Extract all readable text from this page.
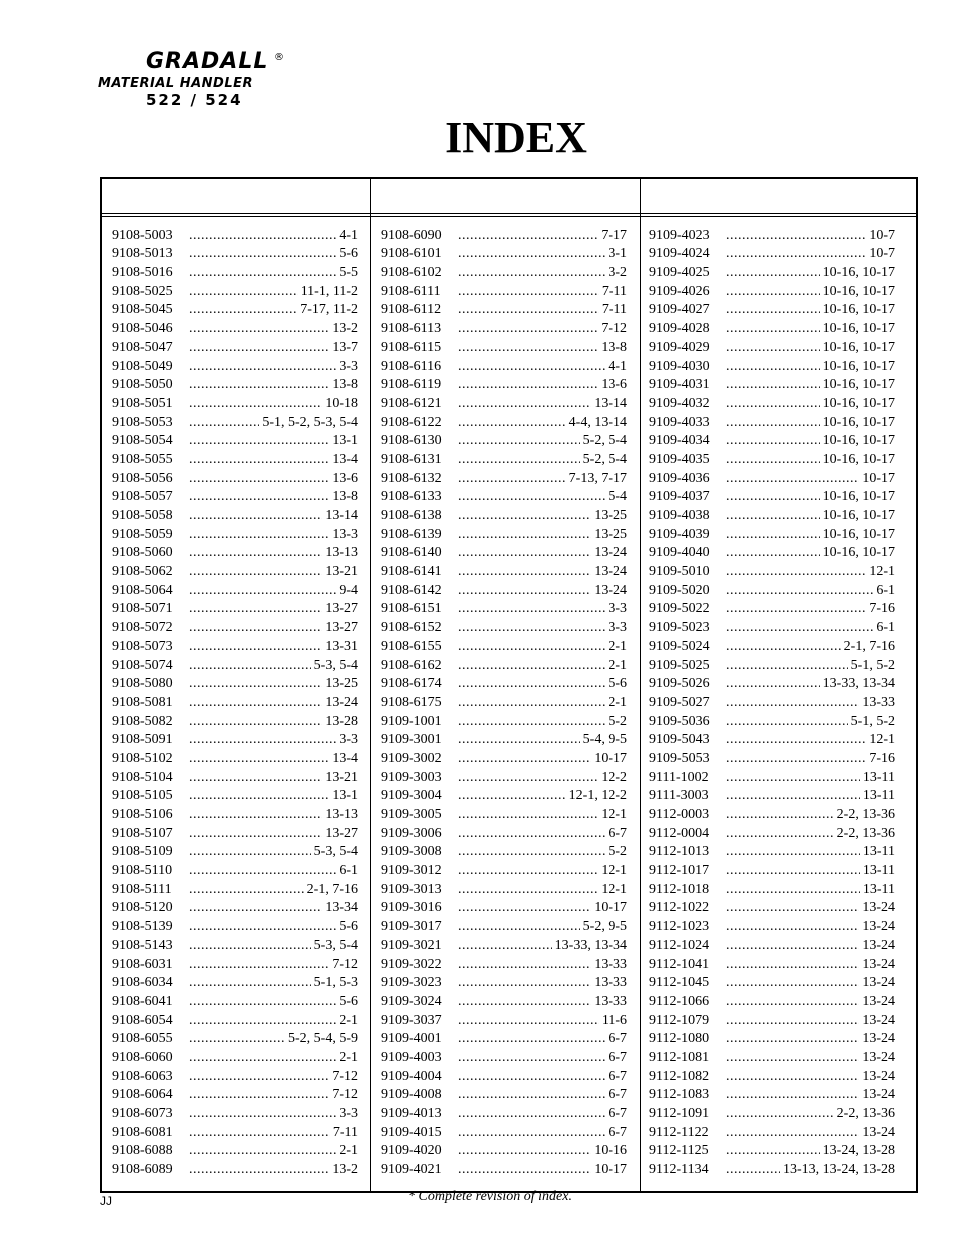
GRADALL ®
MATERIAL HANDLER
522 / 524
INDEX
9108-5003 .....	4-1
9108-5013 .....	5-6
9108-5016 .....	5-5
9108-5025 .....	11-1, 11-2
9108-5045 .....	7-17, 11-2
9108-5046 .....	13-2
9108-5047 .....	13-7
9108-5049 .....	3-3
9108-5050 .....	13-8
9108-5051 .....	10-18
9108-5053 .....	5-1, 5-2, 5-3, 5-4
9108-5054 .....	13-1
9108-5055 .....	13-4
9108-5056 .....	13-6
9108-5057 .....	13-8
9108-5058 .....	13-14
9108-5059 .....	13-3
9108-5060 .....	13-13
9108-5062 .....	13-21
9108-5064 .....	9-4
9108-5071 .....	13-27
9108-5072 .....	13-27
9108-5073 .....	13-31
9108-5074 .....	5-3, 5-4
9108-5080 .....	13-25
9108-5081 .....	13-24
9108-5082 .....	13-28
9108-5091 .....	3-3
9108-5102 .....	13-4
9108-5104 .....	13-21
9108-5105 .....	13-1
9108-5106 .....	13-13
9108-5107 .....	13-27
9108-5109 .....	5-3, 5-4
9108-5110 .....	6-1
9108-5111 .....	2-1, 7-16
9108-5120 .....	13-34
9108-5139 .....	5-6
9108-5143 .....	5-3, 5-4
9108-6031 .....	7-12
9108-6034 .....	5-1, 5-3
9108-6041 .....	5-6
9108-6054 .....	2-1
9108-6055 .....	5-2, 5-4, 5-9
9108-6060 .....	2-1
9108-6063 .....	7-12
9108-6064 .....	7-12
9108-6073 .....	3-3
9108-6081 .....	7-11
9108-6088 .....	2-1
9108-6089 .....	13-2
9108-6090 .....	7-17
9108-6101 .....	3-1
9108-6102 .....	3-2
9108-6111 .....	7-11
9108-6112 .....	7-11
9108-6113 .....	7-12
9108-6115 .....	13-8
9108-6116 .....	4-1
9108-6119 .....	13-6
9108-6121 .....	13-14
9108-6122 .....	4-4, 13-14
9108-6130 .....	5-2, 5-4
9108-6131 .....	5-2, 5-4
9108-6132 .....	7-13, 7-17
9108-6133 .....	5-4
9108-6138 .....	13-25
9108-6139 .....	13-25
9108-6140 .....	13-24
9108-6141 .....	13-24
9108-6142 .....	13-24
9108-6151 .....	3-3
9108-6152 .....	3-3
9108-6155 .....	2-1
9108-6162 .....	2-1
9108-6174 .....	5-6
9108-6175 .....	2-1
9109-1001 .....	5-2
9109-3001 .....	5-4, 9-5
9109-3002 .....	10-17
9109-3003 .....	12-2
9109-3004 .....	12-1, 12-2
9109-3005 .....	12-1
9109-3006 .....	6-7
9109-3008 .....	5-2
9109-3012 .....	12-1
9109-3013 .....	12-1
9109-3016 .....	10-17
9109-3017 .....	5-2, 9-5
9109-3021 .....	13-33, 13-34
9109-3022 .....	13-33
9109-3023 .....	13-33
9109-3024 .....	13-33
9109-3037 .....	11-6
9109-4001 .....	6-7
9109-4003 .....	6-7
9109-4004 .....	6-7
9109-4008 .....	6-7
9109-4013 .....	6-7
9109-4015 .....	6-7
9109-4020 .....	10-16
9109-4021 .....	10-17
9109-4023 .....	10-7
9109-4024 .....	10-7
9109-4025 .....	10-16, 10-17
9109-4026 .....	10-16, 10-17
9109-4027 .....	10-16, 10-17
9109-4028 .....	10-16, 10-17
9109-4029 .....	10-16, 10-17
9109-4030 .....	10-16, 10-17
9109-4031 .....	10-16, 10-17
9109-4032 .....	10-16, 10-17
9109-4033 .....	10-16, 10-17
9109-4034 .....	10-16, 10-17
9109-4035 .....	10-16, 10-17
9109-4036 .....	10-17
9109-4037 .....	10-16, 10-17
9109-4038 .....	10-16, 10-17
9109-4039 .....	10-16, 10-17
9109-4040 .....	10-16, 10-17
9109-5010 .....	12-1
9109-5020 .....	6-1
9109-5022 .....	7-16
9109-5023 .....	6-1
9109-5024 .....	2-1, 7-16
9109-5025 .....	5-1, 5-2
9109-5026 .....	13-33, 13-34
9109-5027 .....	13-33
9109-5036 .....	5-1, 5-2
9109-5043 .....	12-1
9109-5053 .....	7-16
9111-1002 .....	13-11
9111-3003 .....	13-11
9112-0003 .....	2-2, 13-36
9112-0004 .....	2-2, 13-36
9112-1013 .....	13-11
9112-1017 .....	13-11
9112-1018 .....	13-11
9112-1022 .....	13-24
9112-1023 .....	13-24
9112-1024 .....	13-24
9112-1041 .....	13-24
9112-1045 .....	13-24
9112-1066 .....	13-24
9112-1079 .....	13-24
9112-1080 .....	13-24
9112-1081 .....	13-24
9112-1082 .....	13-24
9112-1083 .....	13-24
9112-1091 .....	2-2, 13-36
9112-1122 .....	13-24
9112-1125 .....	13-24, 13-28
9112-1134 .....	13-13, 13-24, 13-28
JJ	* Complete revision of index.
